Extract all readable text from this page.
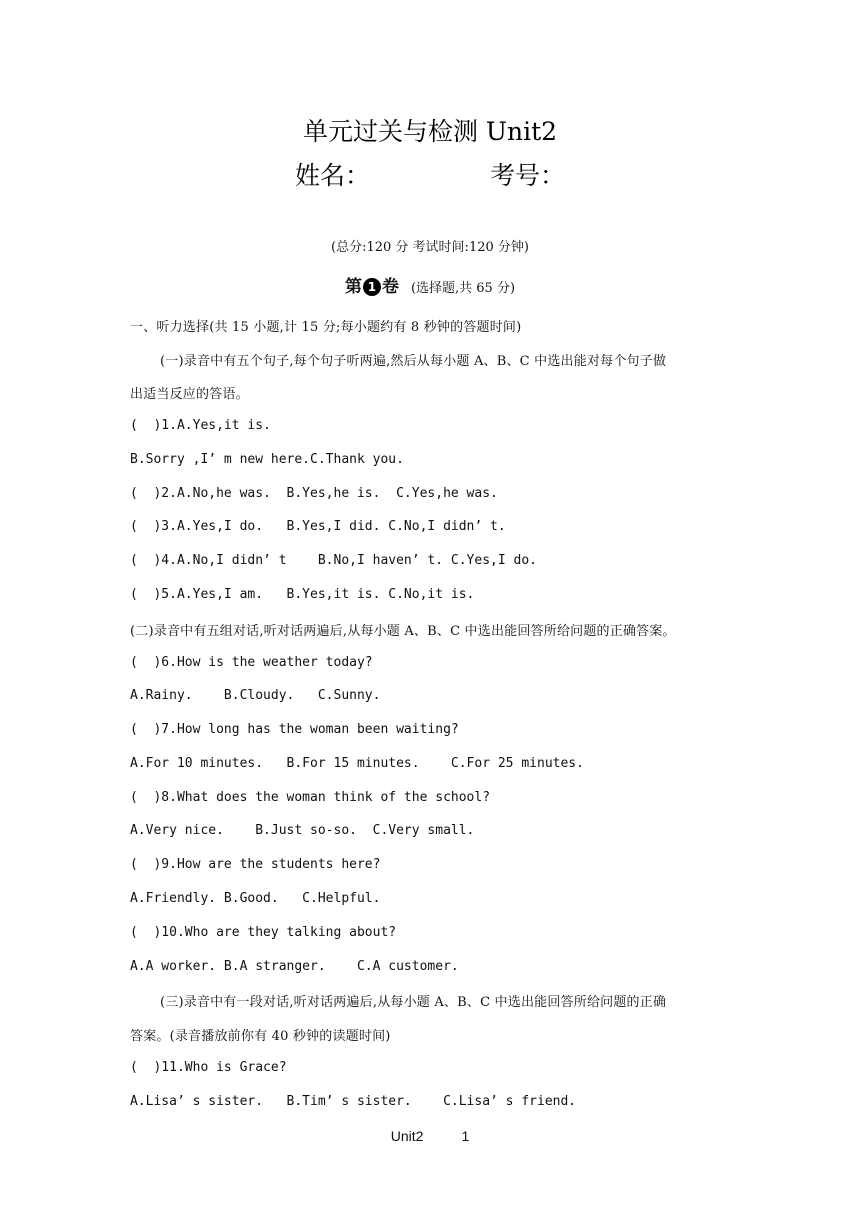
单元过关与检测 Unit2
姓名：	考号：
(总分:120 分 考试时间:120 分钟)
第 1 卷 (选择题,共 65 分)
一、听力选择(共 15 小题,计 15 分;每小题约有 8 秒钟的答题时间)
(一)录音中有五个句子,每个句子听两遍,然后从每小题 A、B、C 中选出能对每个句子做
出适当反应的答语。
(  )1.A.Yes,it is.
B.Sorry ,I’ m new here.C.Thank you.
(  )2.A.No,he was.  B.Yes,he is.  C.Yes,he was.
(  )3.A.Yes,I do.   B.Yes,I did. C.No,I didn’ t.
(  )4.A.No,I didn’ t    B.No,I haven’ t. C.Yes,I do.
(  )5.A.Yes,I am.   B.Yes,it is. C.No,it is.
(二)录音中有五组对话,听对话两遍后,从每小题 A、B、C 中选出能回答所给问题的正确答案。
(  )6.How is the weather today?
A.Rainy.    B.Cloudy.   C.Sunny.
(  )7.How long has the woman been waiting?
A.For 10 minutes.   B.For 15 minutes.    C.For 25 minutes.
(  )8.What does the woman think of the school?
A.Very nice.    B.Just so-so.  C.Very small.
(  )9.How are the students here?
A.Friendly. B.Good.   C.Helpful.
(  )10.Who are they talking about?
A.A worker. B.A stranger.    C.A customer.
(三)录音中有一段对话,听对话两遍后,从每小题 A、B、C 中选出能回答所给问题的正确
答案。(录音播放前你有 40 秒钟的读题时间)
(  )11.Who is Grace?
A.Lisa’ s sister.   B.Tim’ s sister.    C.Lisa’ s friend.
Unit2	1
